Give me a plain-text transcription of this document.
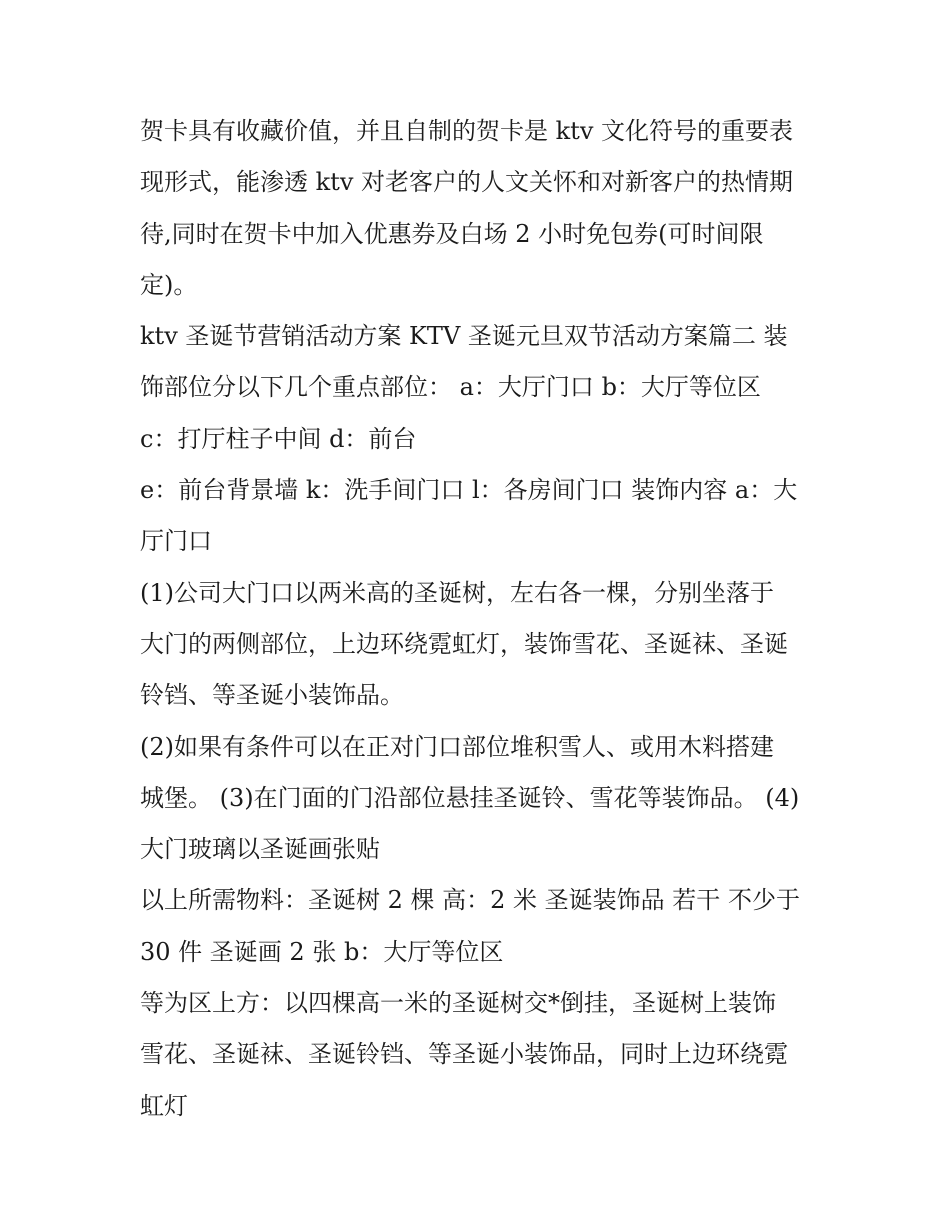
贺卡具有收藏价值，并且自制的贺卡是 ktv 文化符号的重要表
现形式，能渗透 ktv 对老客户的人文关怀和对新客户的热情期
待,同时在贺卡中加入优惠券及白场 2 小时免包券(可时间限
定)。

ktv 圣诞节营销活动方案 KTV 圣诞元旦双节活动方案篇二 装
饰部位分以下几个重点部位： a：大厅门口 b：大厅等位区

c：打厅柱子中间 d：前台

e：前台背景墙 k：洗手间门口 l：各房间门口 装饰内容 a：大
厅门口

(1)公司大门口以两米高的圣诞树，左右各一棵，分别坐落于
大门的两侧部位，上边环绕霓虹灯，装饰雪花、圣诞袜、圣诞
铃铛、等圣诞小装饰品。

(2)如果有条件可以在正对门口部位堆积雪人、或用木料搭建
城堡。 (3)在门面的门沿部位悬挂圣诞铃、雪花等装饰品。 (4)
大门玻璃以圣诞画张贴

以上所需物料：圣诞树 2 棵 高：2 米 圣诞装饰品 若干 不少于
30 件 圣诞画 2 张 b：大厅等位区

等为区上方：以四棵高一米的圣诞树交*倒挂，圣诞树上装饰
雪花、圣诞袜、圣诞铃铛、等圣诞小装饰品，同时上边环绕霓
虹灯
